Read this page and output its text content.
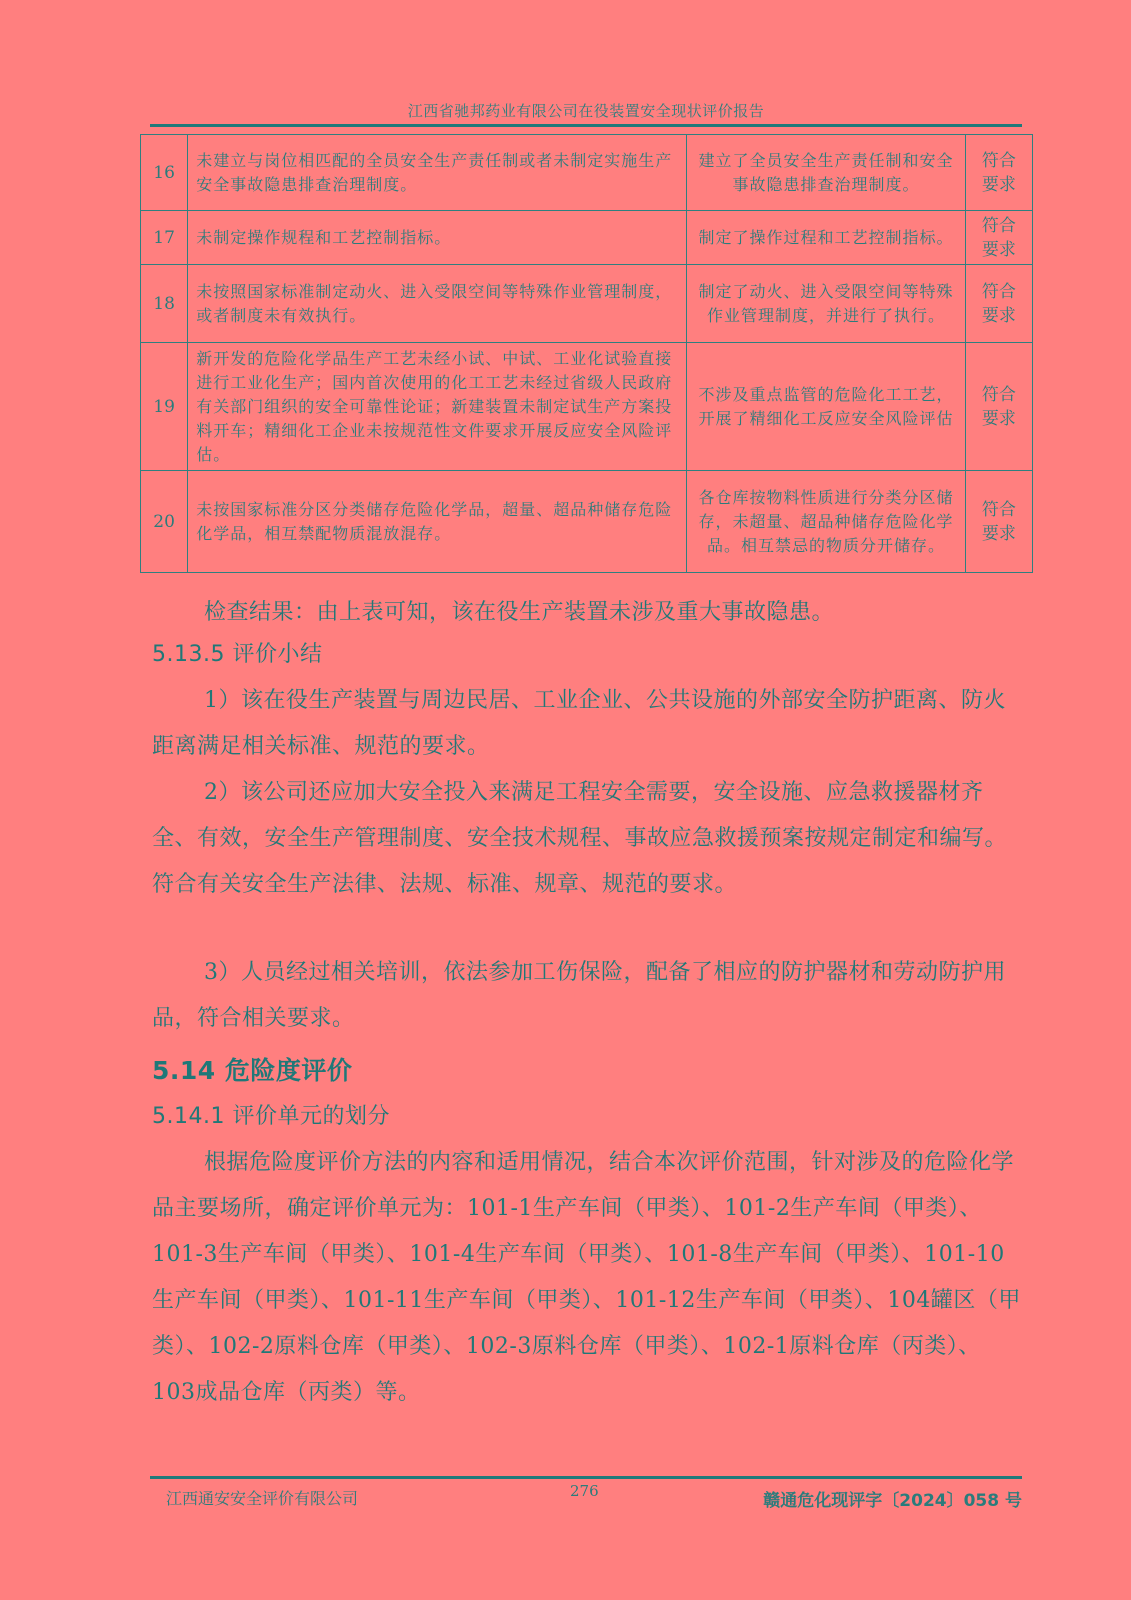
江西省驰邦药业有限公司在役装置安全现状评价报告
16	未建立与岗位相匹配的全员安全生产责任制或者未制定实施生产安全事故隐患排查治理制度。	建立了全员安全生产责任制和安全事故隐患排查治理制度。	符合要求
17	未制定操作规程和工艺控制指标。	制定了操作过程和工艺控制指标。	符合要求
18	未按照国家标准制定动火、进入受限空间等特殊作业管理制度，或者制度未有效执行。	制定了动火、进入受限空间等特殊作业管理制度，并进行了执行。	符合要求
19	新开发的危险化学品生产工艺未经小试、中试、工业化试验直接进行工业化生产；国内首次使用的化工工艺未经过省级人民政府有关部门组织的安全可靠性论证；新建装置未制定试生产方案投料开车；精细化工企业未按规范性文件要求开展反应安全风险评估。	不涉及重点监管的危险化工工艺，开展了精细化工反应安全风险评估	符合要求
20	未按国家标准分区分类储存危险化学品，超量、超品种储存危险化学品，相互禁配物质混放混存。	各仓库按物料性质进行分类分区储存，未超量、超品种储存危险化学品。相互禁忌的物质分开储存。	符合要求
检查结果：由上表可知，该在役生产装置未涉及重大事故隐患。
5.13.5 评价小结
1）该在役生产装置与周边民居、工业企业、公共设施的外部安全防护距离、防火距离满足相关标准、规范的要求。
2）该公司还应加大安全投入来满足工程安全需要，安全设施、应急救援器材齐全、有效，安全生产管理制度、安全技术规程、事故应急救援预案按规定制定和编写。符合有关安全生产法律、法规、标准、规章、规范的要求。
3）人员经过相关培训，依法参加工伤保险，配备了相应的防护器材和劳动防护用品，符合相关要求。
5.14 危险度评价
5.14.1 评价单元的划分
根据危险度评价方法的内容和适用情况，结合本次评价范围，针对涉及的危险化学品主要场所，确定评价单元为：101-1生产车间（甲类）、101-2生产车间（甲类）、101-3生产车间（甲类）、101-4生产车间（甲类）、101-8生产车间（甲类）、101-10生产车间（甲类）、101-11生产车间（甲类）、101-12生产车间（甲类）、104罐区（甲类）、102-2原料仓库（甲类）、102-3原料仓库（甲类）、102-1原料仓库（丙类）、103成品仓库（丙类）等。
江西通安安全评价有限公司	276	赣通危化现评字〔2024〕058 号
